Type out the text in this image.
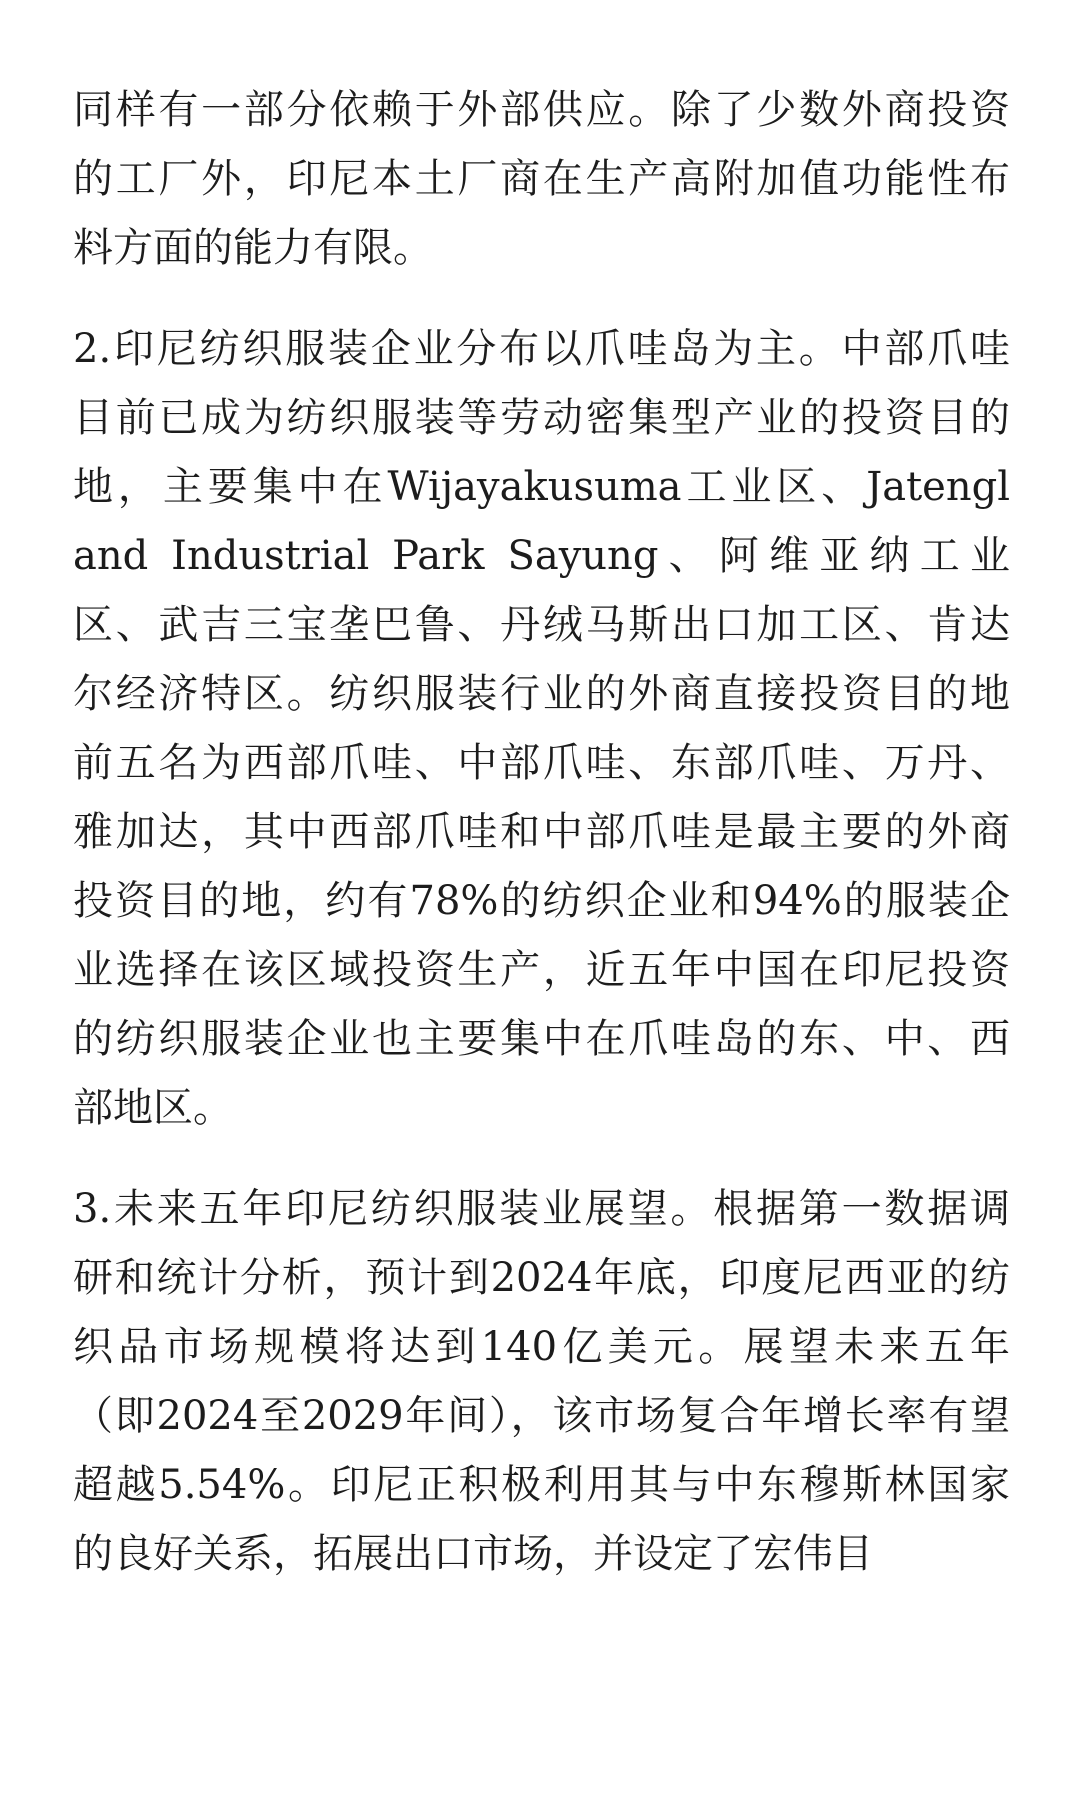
同样有一部分依赖于外部供应。除了少数外商投资
的工厂外，印尼本土厂商在生产高附加值功能性布
料方面的能力有限。
2.印尼纺织服装企业分布以爪哇岛为主。中部爪哇
目前已成为纺织服装等劳动密集型产业的投资目的
地，主要集中在Wijayakusuma工业区、Jatengl
and Industrial Park Sayung、阿维亚纳工业
区、武吉三宝垄巴鲁、丹绒马斯出口加工区、肯达
尔经济特区。纺织服装行业的外商直接投资目的地
前五名为西部爪哇、中部爪哇、东部爪哇、万丹、
雅加达，其中西部爪哇和中部爪哇是最主要的外商
投资目的地，约有78%的纺织企业和94%的服装企
业选择在该区域投资生产，近五年中国在印尼投资
的纺织服装企业也主要集中在爪哇岛的东、中、西
部地区。
3.未来五年印尼纺织服装业展望。根据第一数据调
研和统计分析，预计到2024年底，印度尼西亚的纺
织品市场规模将达到140亿美元。展望未来五年
（即2024至2029年间），该市场复合年增长率有望
超越5.54%。印尼正积极利用其与中东穆斯林国家
的良好关系，拓展出口市场，并设定了宏伟目
